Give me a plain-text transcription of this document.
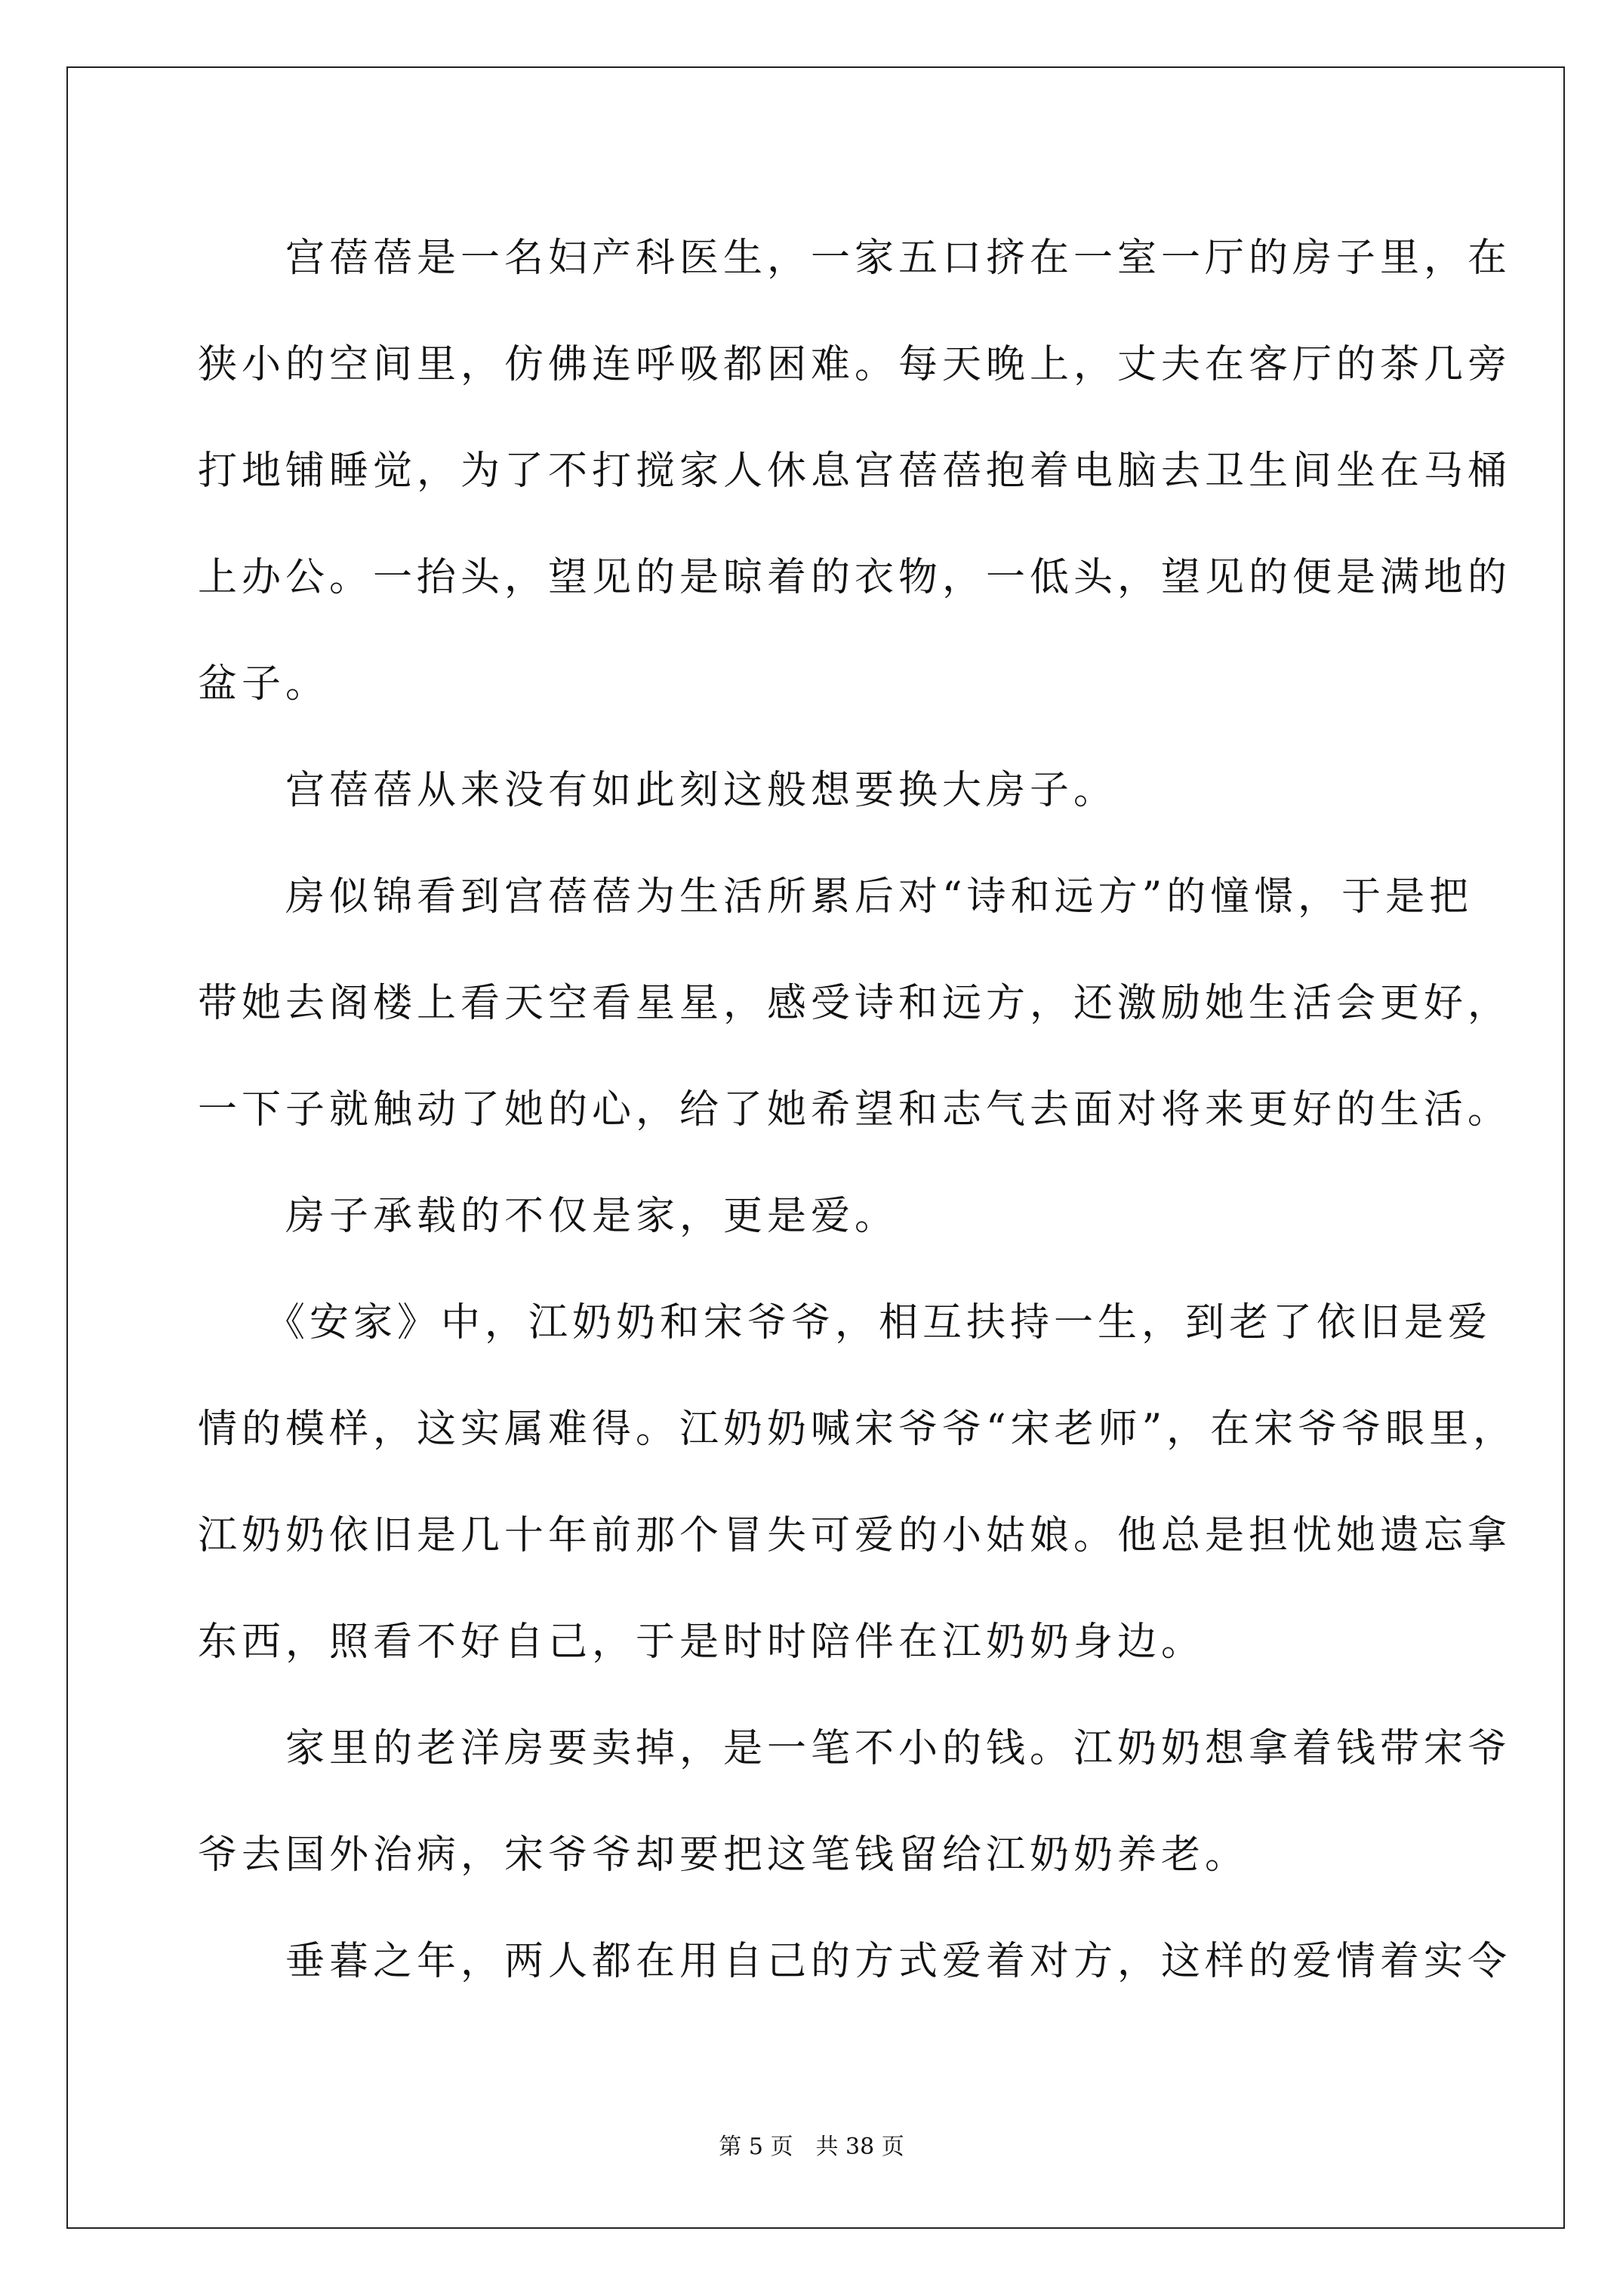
　　宫蓓蓓是一名妇产科医生，一家五口挤在一室一厅的房子里，在
狭小的空间里，仿佛连呼吸都困难。每天晚上，丈夫在客厅的茶几旁
打地铺睡觉，为了不打搅家人休息宫蓓蓓抱着电脑去卫生间坐在马桶
上办公。一抬头，望见的是晾着的衣物，一低头，望见的便是满地的
盆子。
　　宫蓓蓓从来没有如此刻这般想要换大房子。
　　房似锦看到宫蓓蓓为生活所累后对“诗和远方”的憧憬，于是把
带她去阁楼上看天空看星星，感受诗和远方，还激励她生活会更好，
一下子就触动了她的心，给了她希望和志气去面对将来更好的生活。
　　房子承载的不仅是家，更是爱。
　　《安家》中，江奶奶和宋爷爷，相互扶持一生，到老了依旧是爱
情的模样，这实属难得。江奶奶喊宋爷爷“宋老师”，在宋爷爷眼里，
江奶奶依旧是几十年前那个冒失可爱的小姑娘。他总是担忧她遗忘拿
东西，照看不好自己，于是时时陪伴在江奶奶身边。
　　家里的老洋房要卖掉，是一笔不小的钱。江奶奶想拿着钱带宋爷
爷去国外治病，宋爷爷却要把这笔钱留给江奶奶养老。
　　垂暮之年，两人都在用自己的方式爱着对方，这样的爱情着实令
第 5 页　共 38 页
